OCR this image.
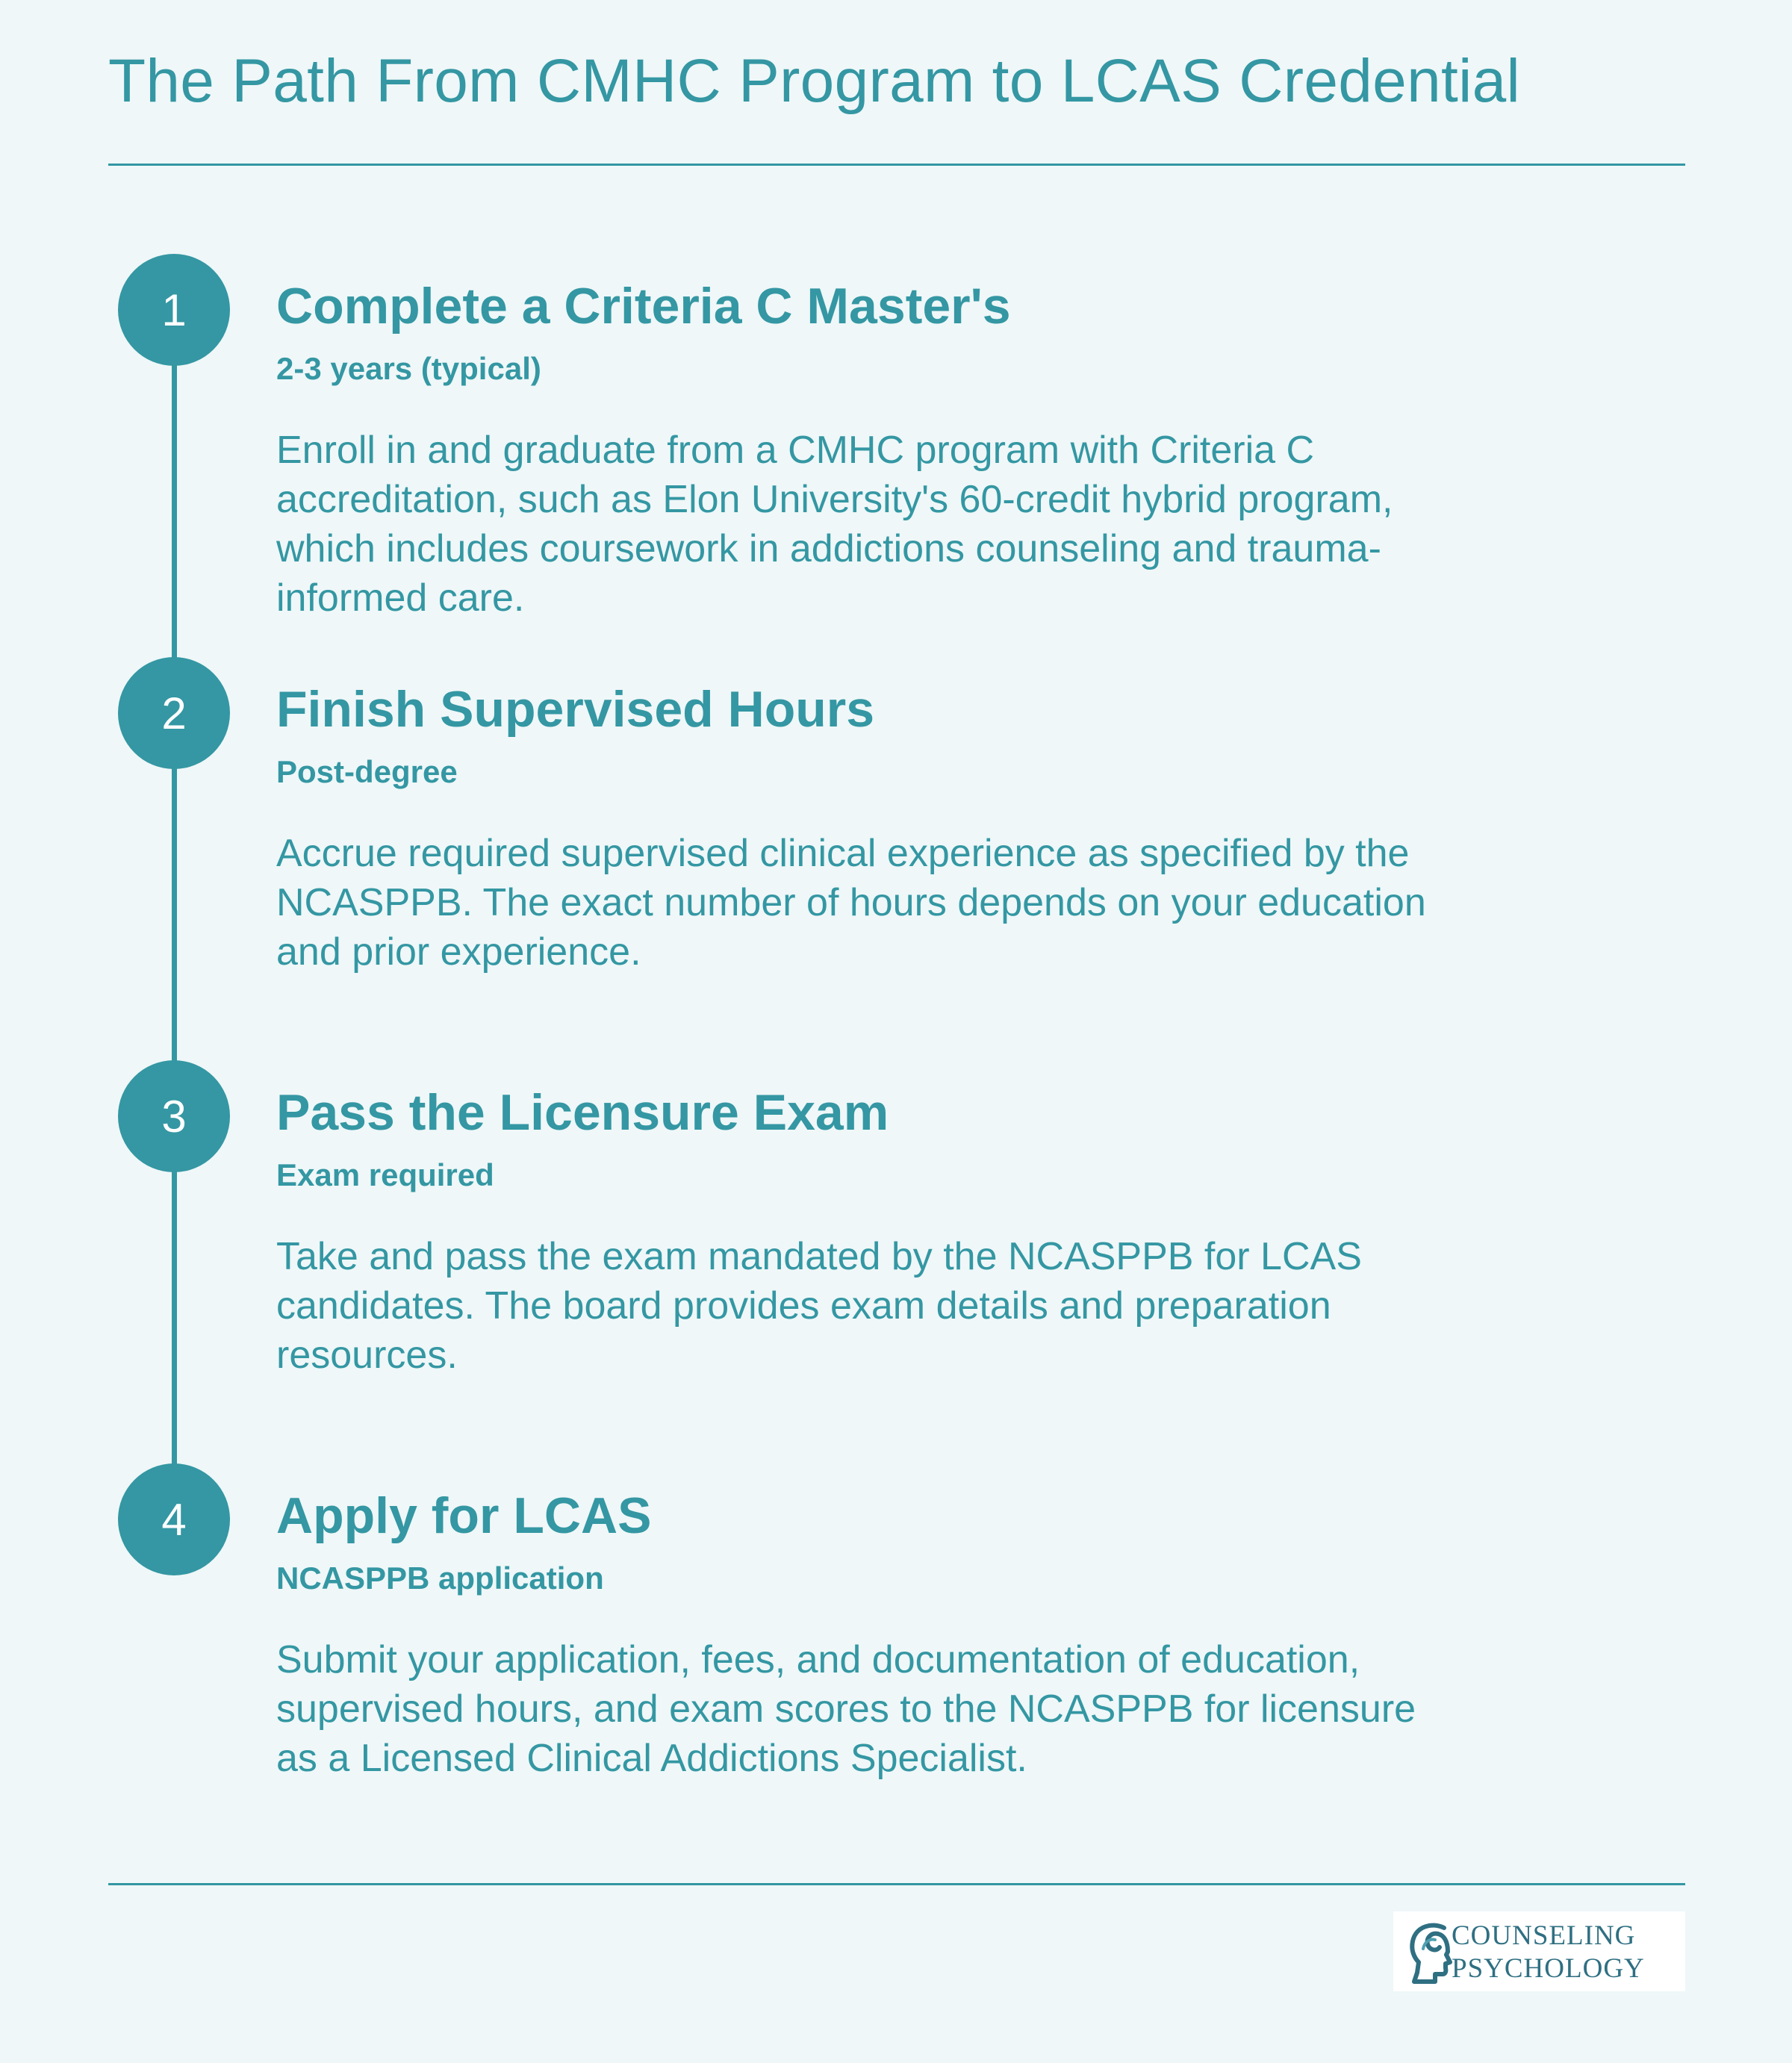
The Path From CMHC Program to LCAS Credential
1	Complete a Criteria C Master's
2-3 years (typical)
Enroll in and graduate from a CMHC program with Criteria C accreditation, such as Elon University's 60-credit hybrid program, which includes coursework in addictions counseling and trauma-informed care.
2	Finish Supervised Hours
Post-degree
Accrue required supervised clinical experience as specified by the NCASPPB. The exact number of hours depends on your education and prior experience.
3	Pass the Licensure Exam
Exam required
Take and pass the exam mandated by the NCASPPB for LCAS candidates. The board provides exam details and preparation resources.
4	Apply for LCAS
NCASPPB application
Submit your application, fees, and documentation of education, supervised hours, and exam scores to the NCASPPB for licensure as a Licensed Clinical Addictions Specialist.
COUNSELING
PSYCHOLOGY
